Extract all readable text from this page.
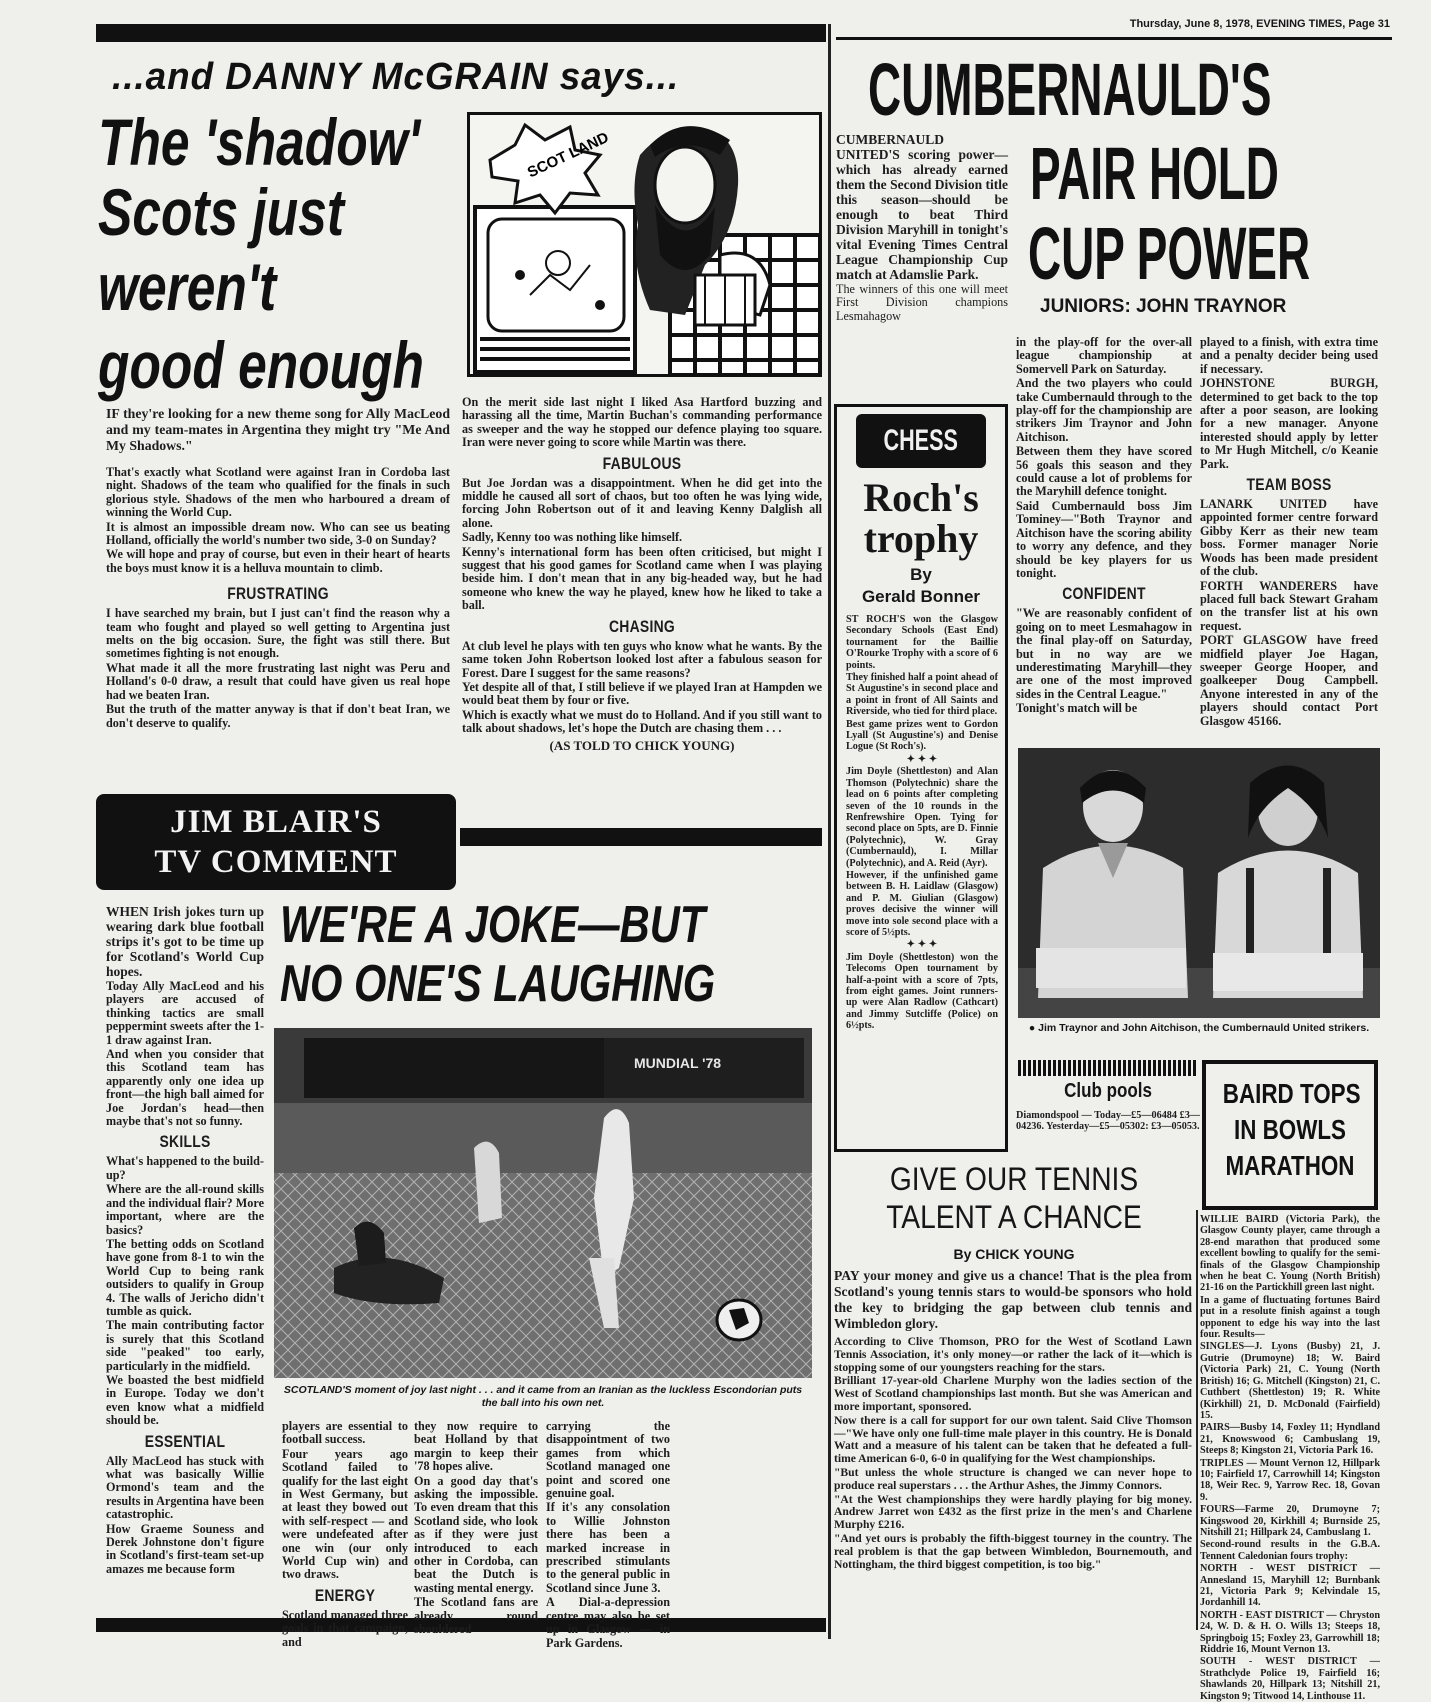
Thursday, June 8, 1978, EVENING TIMES, Page 31
...and DANNY McGRAIN says...
The 'shadow'
Scots just
weren't
good enough
SCOT LAND

IF they're looking for a new theme song for Ally MacLeod and my team-mates in Argentina they might try "Me And My Shadows."

That's exactly what Scotland were against Iran in Cordoba last night. Shadows of the team who qualified for the finals in such glorious style. Shadows of the men who harboured a dream of winning the World Cup.

It is almost an impossible dream now. Who can see us beating Holland, officially the world's number two side, 3-0 on Sunday?

We will hope and pray of course, but even in their heart of hearts the boys must know it is a helluva mountain to climb.

FRUSTRATING

I have searched my brain, but I just can't find the reason why a team who fought and played so well getting to Argentina just melts on the big occasion. Sure, the fight was still there. But sometimes fighting is not enough.

What made it all the more frustrating last night was Peru and Holland's 0-0 draw, a result that could have given us real hope had we beaten Iran.

But the truth of the matter anyway is that if don't beat Iran, we don't deserve to qualify.

On the merit side last night I liked Asa Hartford buzzing and harassing all the time, Martin Buchan's commanding performance as sweeper and the way he stopped our defence playing too square. Iran were never going to score while Martin was there.

FABULOUS

But Joe Jordan was a disappointment. When he did get into the middle he caused all sort of chaos, but too often he was lying wide, forcing John Robertson out of it and leaving Kenny Dalglish all alone.

Sadly, Kenny too was nothing like himself.

Kenny's international form has been often criticised, but might I suggest that his good games for Scotland came when I was playing beside him. I don't mean that in any big-headed way, but he had someone who knew the way he played, knew how he liked to take a ball.

CHASING

At club level he plays with ten guys who know what he wants. By the same token John Robertson looked lost after a fabulous season for Forest. Dare I suggest for the same reasons?

Yet despite all of that, I still believe if we played Iran at Hampden we would beat them by four or five.

Which is exactly what we must do to Holland. And if you still want to talk about shadows, let's hope the Dutch are chasing them . . .

(AS TOLD TO CHICK YOUNG)
JIM BLAIR'S
TV COMMENT
WE'RE A JOKE—BUT
NO ONE'S LAUGHING

WHEN Irish jokes turn up wearing dark blue football strips it's got to be time up for Scotland's World Cup hopes.

Today Ally MacLeod and his players are accused of thinking tactics are small peppermint sweets after the 1-1 draw against Iran.

And when you consider that this Scotland team has apparently only one idea up front—the high ball aimed for Joe Jordan's head—then maybe that's not so funny.

SKILLS

What's happened to the build-up?

Where are the all-round skills and the individual flair? More important, where are the basics?

The betting odds on Scotland have gone from 8-1 to win the World Cup to being rank outsiders to qualify in Group 4. The walls of Jericho didn't tumble as quick.

The main contributing factor is surely that this Scotland side "peaked" too early, particularly in the midfield.

We boasted the best midfield in Europe. Today we don't even know what a midfield should be.

ESSENTIAL

Ally MacLeod has stuck with what was basically Willie Ormond's team and the results in Argentina have been catastrophic.

How Graeme Souness and Derek Johnstone don't figure in Scotland's first-team set-up amazes me because form

MUNDIAL '78
SCOTLAND'S moment of joy last night . . . and it came from an Iranian as the luckless Escondorian puts the ball into his own net.

players are essential to football success.

Four years ago Scotland failed to qualify for the last eight in West Germany, but at least they bowed out with self-respect — and were undefeated after one win (our only World Cup win) and two draws.

ENERGY

Scotland managed three goals in that campaign, and

they now require to beat Holland by that margin to keep their '78 hopes alive.

On a good day that's asking the impossible. To even dream that this Scotland side, who look as if they were just introduced to each other in Cordoba, can beat the Dutch is wasting mental energy.

The Scotland fans are already round shouldered

carrying the disappointment of two games from which Scotland managed one point and scored one genuine goal.

If it's any consolation to Willie Johnston there has been a marked increase in prescribed stimulants to the general public in Scotland since June 3.

A Dial-a-depression centre may also be set up in Glasgow — in Park Gardens.

CUMBERNAULD'S
PAIR HOLD
CUP POWER
JUNIORS: JOHN TRAYNOR

CUMBERNAULD UNITED'S scoring power—which has already earned them the Second Division title this season—should be enough to beat Third Division Maryhill in tonight's vital Evening Times Central League Championship Cup match at Adamslie Park.

The winners of this one will meet First Division champions Lesmahagow

in the play-off for the over-all league championship at Somervell Park on Saturday.

And the two players who could take Cumbernauld through to the play-off for the championship are strikers Jim Traynor and John Aitchison.

Between them they have scored 56 goals this season and they could cause a lot of problems for the Maryhill defence tonight.

Said Cumbernauld boss Jim Tominey—"Both Traynor and Aitchison have the scoring ability to worry any defence, and they should be key players for us tonight.

CONFIDENT

"We are reasonably confident of going on to meet Lesmahagow in the final play-off on Saturday, but in no way are we underestimating Maryhill—they are one of the most improved sides in the Central League."

Tonight's match will be

played to a finish, with extra time and a penalty decider being used if necessary.

JOHNSTONE BURGH, determined to get back to the top after a poor season, are looking for a new manager. Anyone interested should apply by letter to Mr Hugh Mitchell, c/o Keanie Park.

TEAM BOSS

LANARK UNITED have appointed former centre forward Gibby Kerr as their new team boss. Former manager Norie Woods has been made president of the club.

FORTH WANDERERS have placed full back Stewart Graham on the transfer list at his own request.

PORT GLASGOW have freed midfield player Joe Hagan, sweeper George Hooper, and goalkeeper Doug Campbell. Anyone interested in any of the players should contact Port Glasgow 45166.

● Jim Traynor and John Aitchison, the Cumbernauld United strikers.
CHESS
Roch's
trophy
By
Gerald Bonner

ST ROCH'S won the Glasgow Secondary Schools (East End) tournament for the Baillie O'Rourke Trophy with a score of 6 points.

They finished half a point ahead of St Augustine's in second place and a point in front of All Saints and Riverside, who tied for third place.

Best game prizes went to Gordon Lyall (St Augustine's) and Denise Logue (St Roch's).

✦ ✦ ✦

Jim Doyle (Shettleston) and Alan Thomson (Polytechnic) share the lead on 6 points after completing seven of the 10 rounds in the Renfrewshire Open. Tying for second place on 5pts, are D. Finnie (Polytechnic), W. Gray (Cumbernauld), I. Millar (Polytechnic), and A. Reid (Ayr).

However, if the unfinished game between B. H. Laidlaw (Glasgow) and P. M. Giulian (Glasgow) proves decisive the winner will move into sole second place with a score of 5½pts.

✦ ✦ ✦

Jim Doyle (Shettleston) won the Telecoms Open tournament by half-a-point with a score of 7pts, from eight games. Joint runners-up were Alan Radlow (Cathcart) and Jimmy Sutcliffe (Police) on 6½pts.

Club pools

Diamondspool — Today—£5—06484 £3—04236. Yesterday—£5—05302: £3—05053.

BAIRD TOPS
IN BOWLS
MARATHON

WILLIE BAIRD (Victoria Park), the Glasgow County player, came through a 28-end marathon that produced some excellent bowling to qualify for the semi-finals of the Glasgow Championship when he beat C. Young (North British) 21-16 on the Partickhill green last night.

In a game of fluctuating fortunes Baird put in a resolute finish against a tough opponent to edge his way into the last four. Results—

SINGLES—J. Lyons (Busby) 21, J. Gutrie (Drumoyne) 18; W. Baird (Victoria Park) 21, C. Young (North British) 16; G. Mitchell (Kingston) 21, C. Cuthbert (Shettleston) 19; R. White (Kirkhill) 21, D. McDonald (Fairfield) 15.

PAIRS—Busby 14, Foxley 11; Hyndland 21, Knowswood 6; Cambuslang 19, Steeps 8; Kingston 21, Victoria Park 16.

TRIPLES — Mount Vernon 12, Hillpark 10; Fairfield 17, Carrowhill 14; Kingston 18, Weir Rec. 9, Yarrow Rec. 18, Govan 9.

FOURS—Farme 20, Drumoyne 7; Kingswood 20, Kirkhill 4; Burnside 25, Nitshill 21; Hillpark 24, Cambuslang 1.

Second-round results in the G.B.A. Tennent Caledonian fours trophy:

NORTH - WEST DISTRICT — Annesland 15, Maryhill 12; Burnbank 21, Victoria Park 9; Kelvindale 15, Jordanhill 14.

NORTH - EAST DISTRICT — Chryston 24, W. D. & H. O. Wills 13; Steeps 18, Springboig 15; Foxley 23, Garrowhill 18; Riddrie 16, Mount Vernon 13.

SOUTH - WEST DISTRICT — Strathclyde Police 19, Fairfield 16; Shawlands 20, Hillpark 13; Nitshill 21, Kingston 9; Titwood 14, Linthouse 11.

GIVE OUR TENNIS
TALENT A CHANCE
By CHICK YOUNG

PAY your money and give us a chance! That is the plea from Scotland's young tennis stars to would-be sponsors who hold the key to bridging the gap between club tennis and Wimbledon glory.

According to Clive Thomson, PRO for the West of Scotland Lawn Tennis Association, it's only money—or rather the lack of it—which is stopping some of our youngsters reaching for the stars.

Brilliant 17-year-old Charlene Murphy won the ladies section of the West of Scotland championships last month. But she was American and more important, sponsored.

Now there is a call for support for our own talent. Said Clive Thomson—"We have only one full-time male player in this country. He is Donald Watt and a measure of his talent can be taken that he defeated a full-time American 6-0, 6-0 in qualifying for the West championships.

"But unless the whole structure is changed we can never hope to produce real superstars . . . the Arthur Ashes, the Jimmy Connors.

"At the West championships they were hardly playing for big money. Andrew Jarret won £432 as the first prize in the men's and Charlene Murphy £216.

"And yet ours is probably the fifth-biggest tourney in the country. The real problem is that the gap between Wimbledon, Bournemouth, and Nottingham, the third biggest competition, is too big."
